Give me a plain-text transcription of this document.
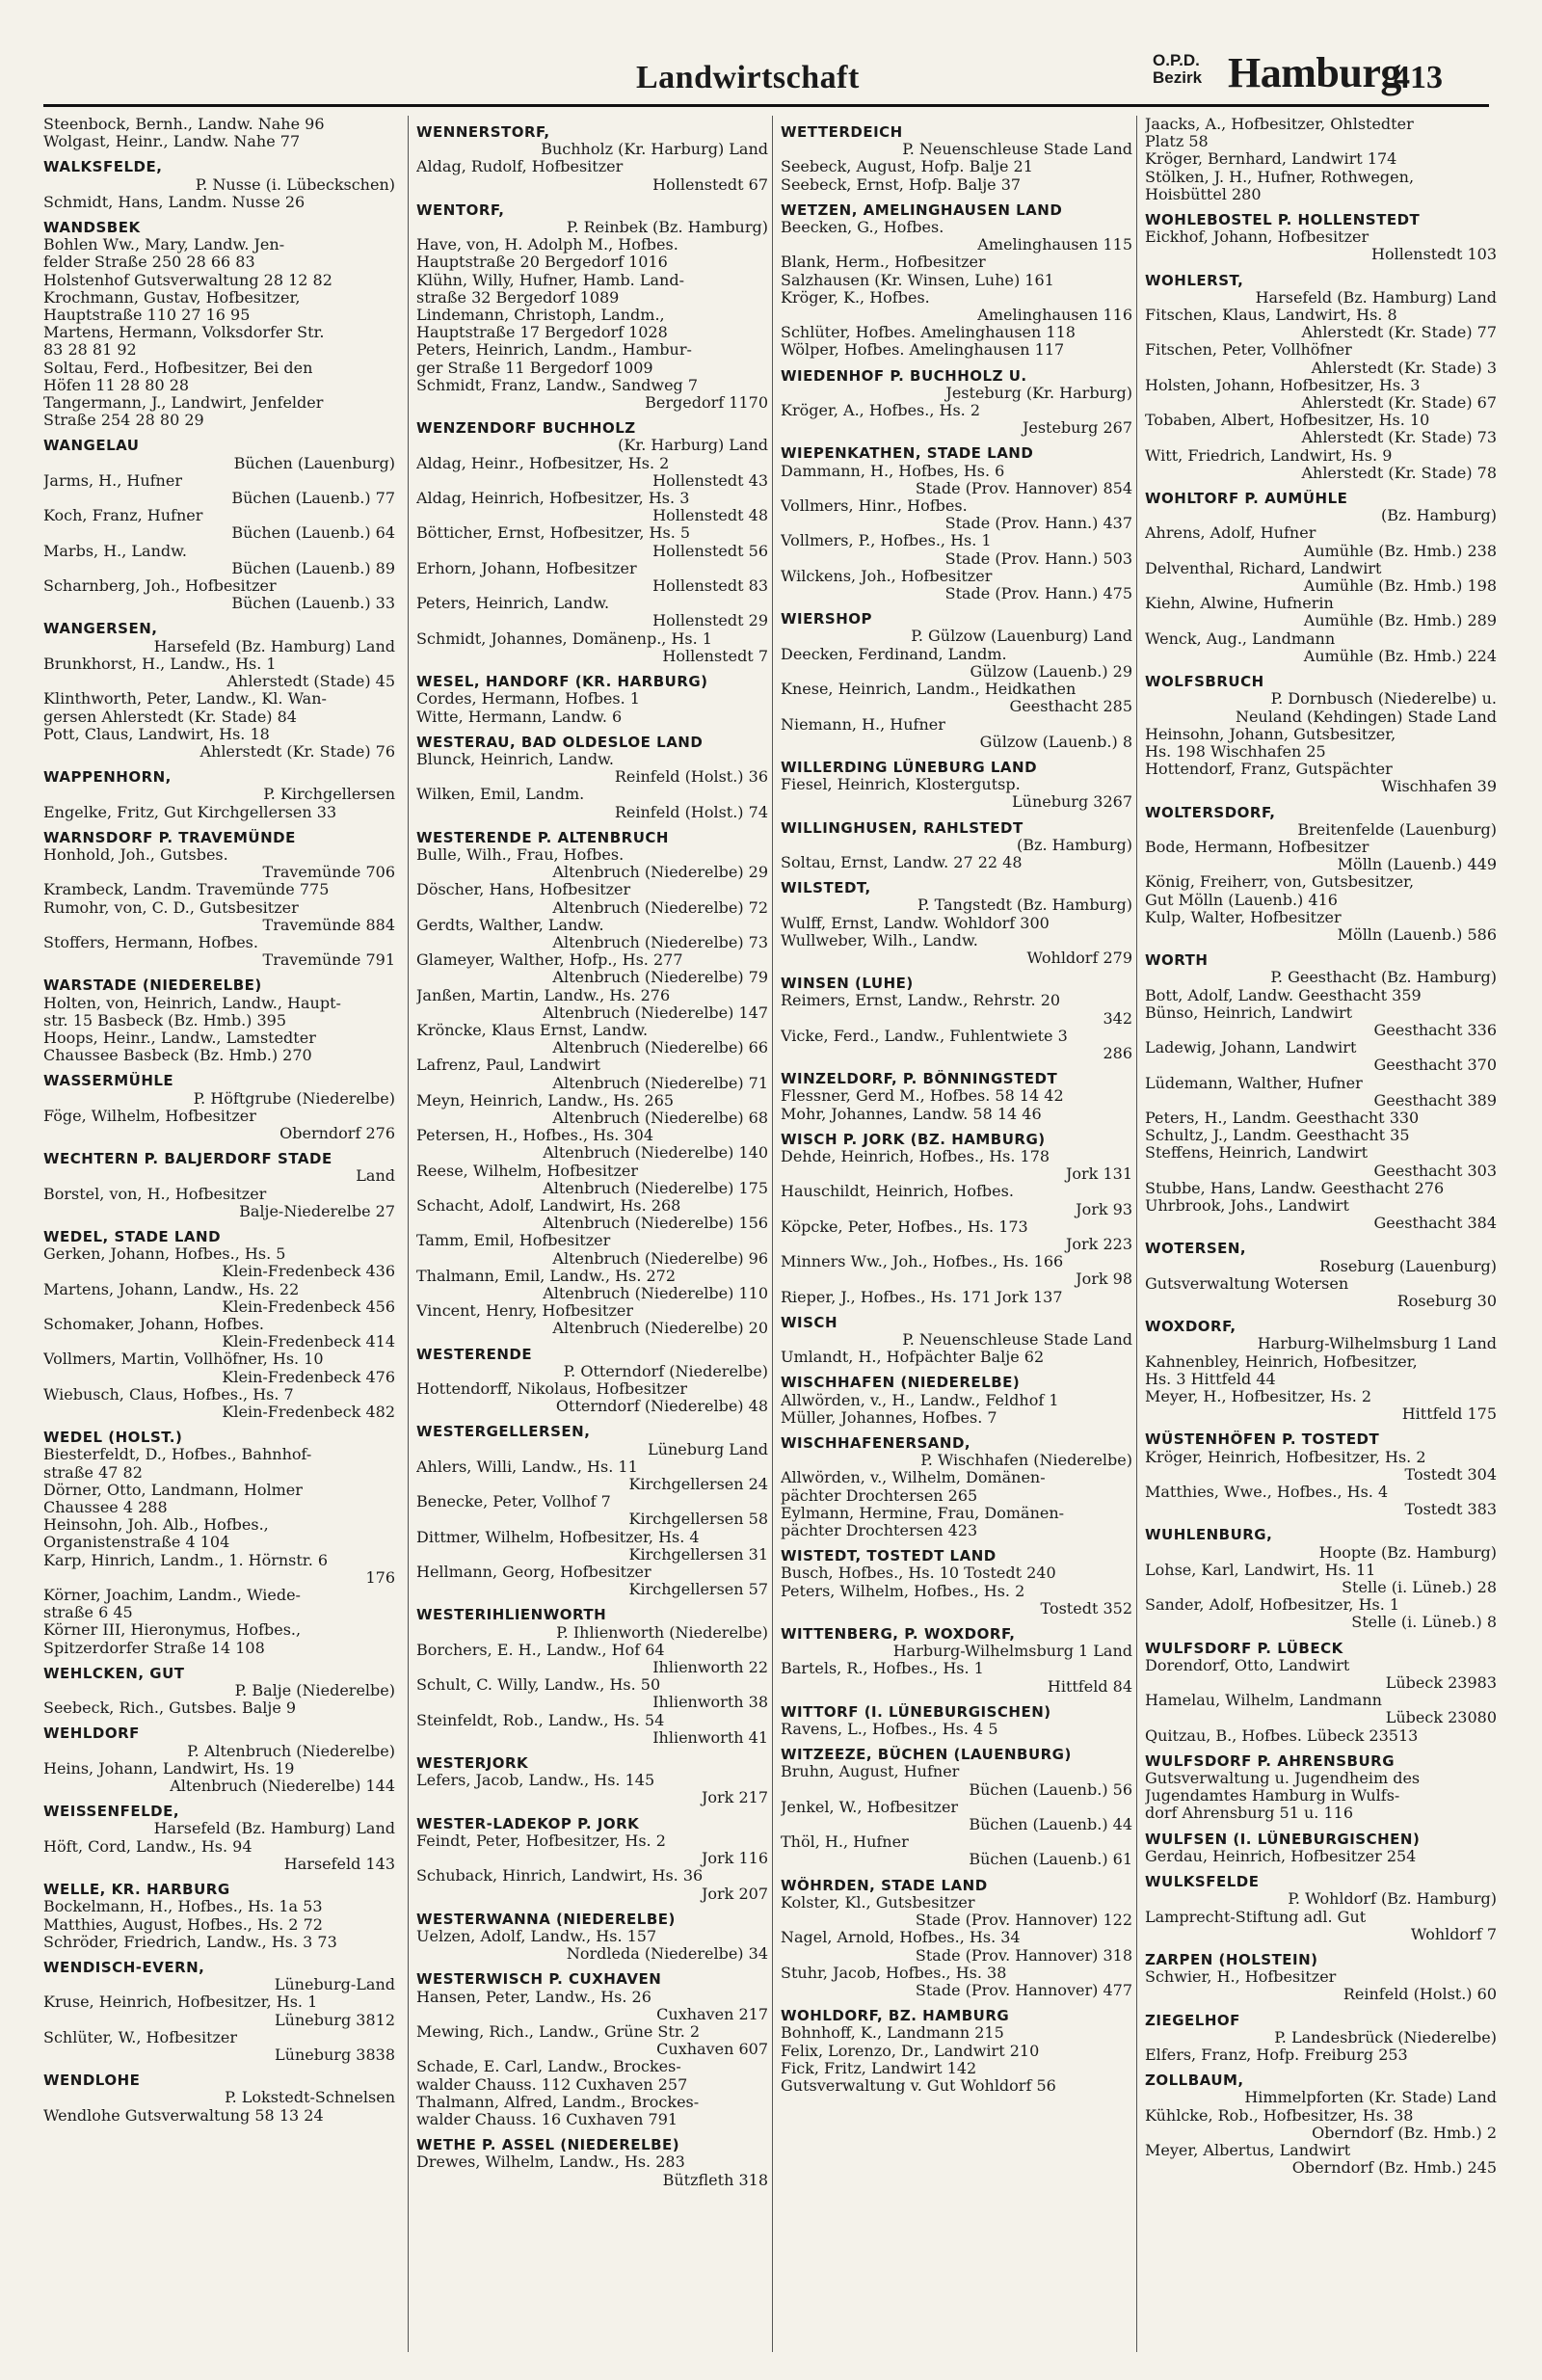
Landwirtschaft	O.P.D.
Bezirk Hamburg
413
Steenbock, Bernh., Landw. Nahe 96
Wolgast, Heinr., Landw. Nahe 77
WALKSFELDE,
P. Nusse (i. Lübeckschen)
Schmidt, Hans, Landm. Nusse 26
WANDSBEK
Bohlen Ww., Mary, Landw. Jen-
felder Straße 250 28 66 83
Holstenhof Gutsverwaltung 28 12 82
Krochmann, Gustav, Hofbesitzer,
Hauptstraße 110 27 16 95
Martens, Hermann, Volksdorfer Str.
83 28 81 92
Soltau, Ferd., Hofbesitzer, Bei den
Höfen 11 28 80 28
Tangermann, J., Landwirt, Jenfelder
Straße 254 28 80 29
WANGELAU
Büchen (Lauenburg)
Jarms, H., Hufner
Büchen (Lauenb.) 77
Koch, Franz, Hufner
Büchen (Lauenb.) 64
Marbs, H., Landw.
Büchen (Lauenb.) 89
Scharnberg, Joh., Hofbesitzer
Büchen (Lauenb.) 33
WANGERSEN,
Harsefeld (Bz. Hamburg) Land
Brunkhorst, H., Landw., Hs. 1
Ahlerstedt (Stade) 45
Klinthworth, Peter, Landw., Kl. Wan-
gersen Ahlerstedt (Kr. Stade) 84
Pott, Claus, Landwirt, Hs. 18
Ahlerstedt (Kr. Stade) 76
WAPPENHORN,
P. Kirchgellersen
Engelke, Fritz, Gut Kirchgellersen 33
WARNSDORF P. TRAVEMÜNDE
Honhold, Joh., Gutsbes.
Travemünde 706
Krambeck, Landm. Travemünde 775
Rumohr, von, C. D., Gutsbesitzer
Travemünde 884
Stoffers, Hermann, Hofbes.
Travemünde 791
WARSTADE (NIEDERELBE)
Holten, von, Heinrich, Landw., Haupt-
str. 15 Basbeck (Bz. Hmb.) 395
Hoops, Heinr., Landw., Lamstedter
Chaussee Basbeck (Bz. Hmb.) 270
WASSERMÜHLE
P. Höftgrube (Niederelbe)
Föge, Wilhelm, Hofbesitzer
Oberndorf 276
WECHTERN P. BALJERDORF STADE
Land
Borstel, von, H., Hofbesitzer
Balje-Niederelbe 27
WEDEL, STADE LAND
Gerken, Johann, Hofbes., Hs. 5
Klein-Fredenbeck 436
Martens, Johann, Landw., Hs. 22
Klein-Fredenbeck 456
Schomaker, Johann, Hofbes.
Klein-Fredenbeck 414
Vollmers, Martin, Vollhöfner, Hs. 10
Klein-Fredenbeck 476
Wiebusch, Claus, Hofbes., Hs. 7
Klein-Fredenbeck 482
WEDEL (HOLST.)
Biesterfeldt, D., Hofbes., Bahnhof-
straße 47 82
Dörner, Otto, Landmann, Holmer
Chaussee 4 288
Heinsohn, Joh. Alb., Hofbes.,
Organistenstraße 4 104
Karp, Hinrich, Landm., 1. Hörnstr. 6
176
Körner, Joachim, Landm., Wiede-
straße 6 45
Körner III, Hieronymus, Hofbes.,
Spitzerdorfer Straße 14 108
WEHLCKEN, GUT
P. Balje (Niederelbe)
Seebeck, Rich., Gutsbes. Balje 9
WEHLDORF
P. Altenbruch (Niederelbe)
Heins, Johann, Landwirt, Hs. 19
Altenbruch (Niederelbe) 144
WEISSENFELDE,
Harsefeld (Bz. Hamburg) Land
Höft, Cord, Landw., Hs. 94
Harsefeld 143
WELLE, KR. HARBURG
Bockelmann, H., Hofbes., Hs. 1a 53
Matthies, August, Hofbes., Hs. 2 72
Schröder, Friedrich, Landw., Hs. 3 73
WENDISCH-EVERN,
Lüneburg-Land
Kruse, Heinrich, Hofbesitzer, Hs. 1
Lüneburg 3812
Schlüter, W., Hofbesitzer
Lüneburg 3838
WENDLOHE
P. Lokstedt-Schnelsen
Wendlohe Gutsverwaltung 58 13 24
WENNERSTORF,
Buchholz (Kr. Harburg) Land
Aldag, Rudolf, Hofbesitzer
Hollenstedt 67
WENTORF,
P. Reinbek (Bz. Hamburg)
Have, von, H. Adolph M., Hofbes.
Hauptstraße 20 Bergedorf 1016
Klühn, Willy, Hufner, Hamb. Land-
straße 32 Bergedorf 1089
Lindemann, Christoph, Landm.,
Hauptstraße 17 Bergedorf 1028
Peters, Heinrich, Landm., Hambur-
ger Straße 11 Bergedorf 1009
Schmidt, Franz, Landw., Sandweg 7
Bergedorf 1170
WENZENDORF BUCHHOLZ
(Kr. Harburg) Land
Aldag, Heinr., Hofbesitzer, Hs. 2
Hollenstedt 43
Aldag, Heinrich, Hofbesitzer, Hs. 3
Hollenstedt 48
Bötticher, Ernst, Hofbesitzer, Hs. 5
Hollenstedt 56
Erhorn, Johann, Hofbesitzer
Hollenstedt 83
Peters, Heinrich, Landw.
Hollenstedt 29
Schmidt, Johannes, Domänenp., Hs. 1
Hollenstedt 7
WESEL, HANDORF (KR. HARBURG)
Cordes, Hermann, Hofbes. 1
Witte, Hermann, Landw. 6
WESTERAU, BAD OLDESLOE LAND
Blunck, Heinrich, Landw.
Reinfeld (Holst.) 36
Wilken, Emil, Landm.
Reinfeld (Holst.) 74
WESTERENDE P. ALTENBRUCH
Bulle, Wilh., Frau, Hofbes.
Altenbruch (Niederelbe) 29
Döscher, Hans, Hofbesitzer
Altenbruch (Niederelbe) 72
Gerdts, Walther, Landw.
Altenbruch (Niederelbe) 73
Glameyer, Walther, Hofp., Hs. 277
Altenbruch (Niederelbe) 79
Janßen, Martin, Landw., Hs. 276
Altenbruch (Niederelbe) 147
Kröncke, Klaus Ernst, Landw.
Altenbruch (Niederelbe) 66
Lafrenz, Paul, Landwirt
Altenbruch (Niederelbe) 71
Meyn, Heinrich, Landw., Hs. 265
Altenbruch (Niederelbe) 68
Petersen, H., Hofbes., Hs. 304
Altenbruch (Niederelbe) 140
Reese, Wilhelm, Hofbesitzer
Altenbruch (Niederelbe) 175
Schacht, Adolf, Landwirt, Hs. 268
Altenbruch (Niederelbe) 156
Tamm, Emil, Hofbesitzer
Altenbruch (Niederelbe) 96
Thalmann, Emil, Landw., Hs. 272
Altenbruch (Niederelbe) 110
Vincent, Henry, Hofbesitzer
Altenbruch (Niederelbe) 20
WESTERENDE
P. Otterndorf (Niederelbe)
Hottendorff, Nikolaus, Hofbesitzer
Otterndorf (Niederelbe) 48
WESTERGELLERSEN,
Lüneburg Land
Ahlers, Willi, Landw., Hs. 11
Kirchgellersen 24
Benecke, Peter, Vollhof 7
Kirchgellersen 58
Dittmer, Wilhelm, Hofbesitzer, Hs. 4
Kirchgellersen 31
Hellmann, Georg, Hofbesitzer
Kirchgellersen 57
WESTERIHLIENWORTH
P. Ihlienworth (Niederelbe)
Borchers, E. H., Landw., Hof 64
Ihlienworth 22
Schult, C. Willy, Landw., Hs. 50
Ihlienworth 38
Steinfeldt, Rob., Landw., Hs. 54
Ihlienworth 41
WESTERJORK
Lefers, Jacob, Landw., Hs. 145
Jork 217
WESTER-LADEKOP P. JORK
Feindt, Peter, Hofbesitzer, Hs. 2
Jork 116
Schuback, Hinrich, Landwirt, Hs. 36
Jork 207
WESTERWANNA (NIEDERELBE)
Uelzen, Adolf, Landw., Hs. 157
Nordleda (Niederelbe) 34
WESTERWISCH P. CUXHAVEN
Hansen, Peter, Landw., Hs. 26
Cuxhaven 217
Mewing, Rich., Landw., Grüne Str. 2
Cuxhaven 607
Schade, E. Carl, Landw., Brockes-
walder Chauss. 112 Cuxhaven 257
Thalmann, Alfred, Landm., Brockes-
walder Chauss. 16 Cuxhaven 791
WETHE P. ASSEL (NIEDERELBE)
Drewes, Wilhelm, Landw., Hs. 283
Bützfleth 318
WETTERDEICH
P. Neuenschleuse Stade Land
Seebeck, August, Hofp. Balje 21
Seebeck, Ernst, Hofp. Balje 37
WETZEN, AMELINGHAUSEN LAND
Beecken, G., Hofbes.
Amelinghausen 115
Blank, Herm., Hofbesitzer
Salzhausen (Kr. Winsen, Luhe) 161
Kröger, K., Hofbes.
Amelinghausen 116
Schlüter, Hofbes. Amelinghausen 118
Wölper, Hofbes. Amelinghausen 117
WIEDENHOF P. BUCHHOLZ U.
Jesteburg (Kr. Harburg)
Kröger, A., Hofbes., Hs. 2
Jesteburg 267
WIEPENKATHEN, STADE LAND
Dammann, H., Hofbes, Hs. 6
Stade (Prov. Hannover) 854
Vollmers, Hinr., Hofbes.
Stade (Prov. Hann.) 437
Vollmers, P., Hofbes., Hs. 1
Stade (Prov. Hann.) 503
Wilckens, Joh., Hofbesitzer
Stade (Prov. Hann.) 475
WIERSHOP
P. Gülzow (Lauenburg) Land
Deecken, Ferdinand, Landm.
Gülzow (Lauenb.) 29
Knese, Heinrich, Landm., Heidkathen
Geesthacht 285
Niemann, H., Hufner
Gülzow (Lauenb.) 8
WILLERDING LÜNEBURG LAND
Fiesel, Heinrich, Klostergutsp.
Lüneburg 3267
WILLINGHUSEN, RAHLSTEDT
(Bz. Hamburg)
Soltau, Ernst, Landw. 27 22 48
WILSTEDT,
P. Tangstedt (Bz. Hamburg)
Wulff, Ernst, Landw. Wohldorf 300
Wullweber, Wilh., Landw.
Wohldorf 279
WINSEN (LUHE)
Reimers, Ernst, Landw., Rehrstr. 20
342
Vicke, Ferd., Landw., Fuhlentwiete 3
286
WINZELDORF, P. BÖNNINGSTEDT
Flessner, Gerd M., Hofbes. 58 14 42
Mohr, Johannes, Landw. 58 14 46
WISCH P. JORK (BZ. HAMBURG)
Dehde, Heinrich, Hofbes., Hs. 178
Jork 131
Hauschildt, Heinrich, Hofbes.
Jork 93
Köpcke, Peter, Hofbes., Hs. 173
Jork 223
Minners Ww., Joh., Hofbes., Hs. 166
Jork 98
Rieper, J., Hofbes., Hs. 171 Jork 137
WISCH
P. Neuenschleuse Stade Land
Umlandt, H., Hofpächter Balje 62
WISCHHAFEN (NIEDERELBE)
Allwörden, v., H., Landw., Feldhof 1
Müller, Johannes, Hofbes. 7
WISCHHAFENERSAND,
P. Wischhafen (Niederelbe)
Allwörden, v., Wilhelm, Domänen-
pächter Drochtersen 265
Eylmann, Hermine, Frau, Domänen-
pächter Drochtersen 423
WISTEDT, TOSTEDT LAND
Busch, Hofbes., Hs. 10 Tostedt 240
Peters, Wilhelm, Hofbes., Hs. 2
Tostedt 352
WITTENBERG, P. WOXDORF,
Harburg-Wilhelmsburg 1 Land
Bartels, R., Hofbes., Hs. 1
Hittfeld 84
WITTORF (I. LÜNEBURGISCHEN)
Ravens, L., Hofbes., Hs. 4 5
WITZEEZE, BÜCHEN (LAUENBURG)
Bruhn, August, Hufner
Büchen (Lauenb.) 56
Jenkel, W., Hofbesitzer
Büchen (Lauenb.) 44
Thöl, H., Hufner
Büchen (Lauenb.) 61
WÖHRDEN, STADE LAND
Kolster, Kl., Gutsbesitzer
Stade (Prov. Hannover) 122
Nagel, Arnold, Hofbes., Hs. 34
Stade (Prov. Hannover) 318
Stuhr, Jacob, Hofbes., Hs. 38
Stade (Prov. Hannover) 477
WOHLDORF, BZ. HAMBURG
Bohnhoff, K., Landmann 215
Felix, Lorenzo, Dr., Landwirt 210
Fick, Fritz, Landwirt 142
Gutsverwaltung v. Gut Wohldorf 56
Jaacks, A., Hofbesitzer, Ohlstedter
Platz 58
Kröger, Bernhard, Landwirt 174
Stölken, J. H., Hufner, Rothwegen,
Hoisbüttel 280
WOHLEBOSTEL P. HOLLENSTEDT
Eickhof, Johann, Hofbesitzer
Hollenstedt 103
WOHLERST,
Harsefeld (Bz. Hamburg) Land
Fitschen, Klaus, Landwirt, Hs. 8
Ahlerstedt (Kr. Stade) 77
Fitschen, Peter, Vollhöfner
Ahlerstedt (Kr. Stade) 3
Holsten, Johann, Hofbesitzer, Hs. 3
Ahlerstedt (Kr. Stade) 67
Tobaben, Albert, Hofbesitzer, Hs. 10
Ahlerstedt (Kr. Stade) 73
Witt, Friedrich, Landwirt, Hs. 9
Ahlerstedt (Kr. Stade) 78
WOHLTORF P. AUMÜHLE
(Bz. Hamburg)
Ahrens, Adolf, Hufner
Aumühle (Bz. Hmb.) 238
Delventhal, Richard, Landwirt
Aumühle (Bz. Hmb.) 198
Kiehn, Alwine, Hufnerin
Aumühle (Bz. Hmb.) 289
Wenck, Aug., Landmann
Aumühle (Bz. Hmb.) 224
WOLFSBRUCH
P. Dornbusch (Niederelbe) u.
Neuland (Kehdingen) Stade Land
Heinsohn, Johann, Gutsbesitzer,
Hs. 198 Wischhafen 25
Hottendorf, Franz, Gutspächter
Wischhafen 39
WOLTERSDORF,
Breitenfelde (Lauenburg)
Bode, Hermann, Hofbesitzer
Mölln (Lauenb.) 449
König, Freiherr, von, Gutsbesitzer,
Gut Mölln (Lauenb.) 416
Kulp, Walter, Hofbesitzer
Mölln (Lauenb.) 586
WORTH
P. Geesthacht (Bz. Hamburg)
Bott, Adolf, Landw. Geesthacht 359
Bünso, Heinrich, Landwirt
Geesthacht 336
Ladewig, Johann, Landwirt
Geesthacht 370
Lüdemann, Walther, Hufner
Geesthacht 389
Peters, H., Landm. Geesthacht 330
Schultz, J., Landm. Geesthacht 35
Steffens, Heinrich, Landwirt
Geesthacht 303
Stubbe, Hans, Landw. Geesthacht 276
Uhrbrook, Johs., Landwirt
Geesthacht 384
WOTERSEN,
Roseburg (Lauenburg)
Gutsverwaltung Wotersen
Roseburg 30
WOXDORF,
Harburg-Wilhelmsburg 1 Land
Kahnenbley, Heinrich, Hofbesitzer,
Hs. 3 Hittfeld 44
Meyer, H., Hofbesitzer, Hs. 2
Hittfeld 175
WÜSTENHÖFEN P. TOSTEDT
Kröger, Heinrich, Hofbesitzer, Hs. 2
Tostedt 304
Matthies, Wwe., Hofbes., Hs. 4
Tostedt 383
WUHLENBURG,
Hoopte (Bz. Hamburg)
Lohse, Karl, Landwirt, Hs. 11
Stelle (i. Lüneb.) 28
Sander, Adolf, Hofbesitzer, Hs. 1
Stelle (i. Lüneb.) 8
WULFSDORF P. LÜBECK
Dorendorf, Otto, Landwirt
Lübeck 23983
Hamelau, Wilhelm, Landmann
Lübeck 23080
Quitzau, B., Hofbes. Lübeck 23513
WULFSDORF P. AHRENSBURG
Gutsverwaltung u. Jugendheim des
Jugendamtes Hamburg in Wulfs-
dorf Ahrensburg 51 u. 116
WULFSEN (I. LÜNEBURGISCHEN)
Gerdau, Heinrich, Hofbesitzer 254
WULKSFELDE
P. Wohldorf (Bz. Hamburg)
Lamprecht-Stiftung adl. Gut
Wohldorf 7
ZARPEN (HOLSTEIN)
Schwier, H., Hofbesitzer
Reinfeld (Holst.) 60
ZIEGELHOF
P. Landesbrück (Niederelbe)
Elfers, Franz, Hofp. Freiburg 253
ZOLLBAUM,
Himmelpforten (Kr. Stade) Land
Kühlcke, Rob., Hofbesitzer, Hs. 38
Oberndorf (Bz. Hmb.) 2
Meyer, Albertus, Landwirt
Oberndorf (Bz. Hmb.) 245
